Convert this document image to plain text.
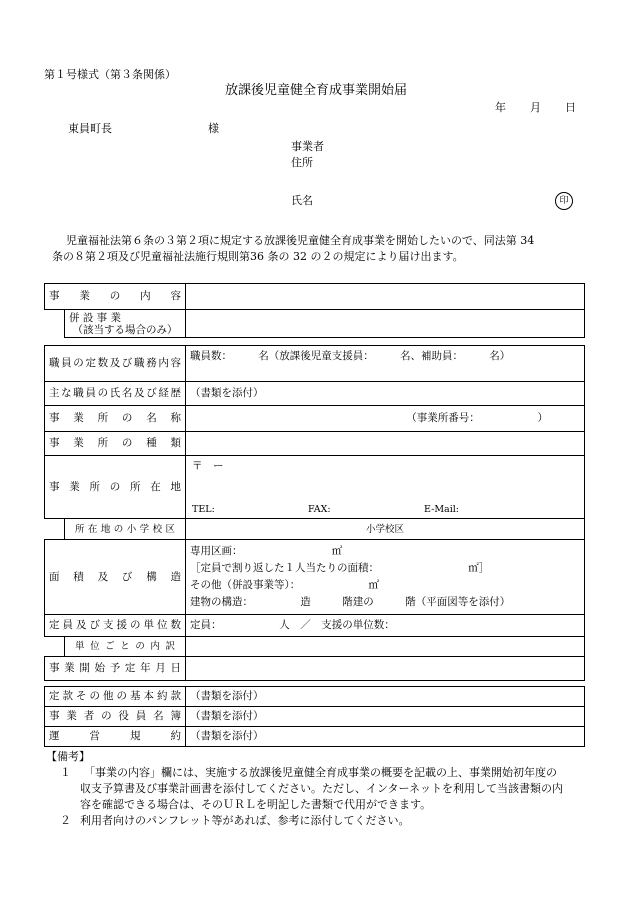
第１号様式（第３条関係）
放課後児童健全育成事業開始届
年 月 日
東員町長	様
事業者
住所
氏名	印
児童福祉法第６条の３第２項に規定する放課後児童健全育成事業を開始したいので、同法第 34
条の８第２項及び児童福祉法施行規則第36 条の 32 の２の規定により届け出ます。
事 業 の 内 容		

	併 設 事 業
（該当する場合のみ）	

職員の定数及び職務内容		職員数：　　　名（放課後児童支援員：　　　名、補助員：　　　名）
主な職員の氏名及び経歴		（書類を添付）
事 業 所 の 名 称		（事業所番号：　　　　　　）
事 業 所 の 種 類		
事 業 所 の 所 在 地		〒　ー
TEL: FAX: E-Mail:

	所 在 地 の 小 学 校 区	小学校区
面 積 及 び 構 造		専用区画：　　　　　　　　　㎡
［定員で割り返した１人当たりの面積：　　　　　　　　　㎡］
その他（併設事業等）：　　　　　　　㎡
建物の構造：　　　　　造　　　階建の　　　階（平面図等を添付）

定員及び支援の単位数		定員：　　　　　　人　／　支援の単位数：
	単 位 ご と の 内 訳	
事業開始予定年月日		
定款その他の基本約款	（書類を添付）
事 業 者 の 役 員 名 簿	（書類を添付）
運 営 規 約	（書類を添付）
【備考】
１ 「事業の内容」欄には、実施する放課後児童健全育成事業の概要を記載の上、事業開始初年度の
収支予算書及び事業計画書を添付してください。ただし、インターネットを利用して当該書類の内
容を確認できる場合は、そのＵＲＬを明記した書類で代用ができます。
２ 利用者向けのパンフレット等があれば、参考に添付してください。
